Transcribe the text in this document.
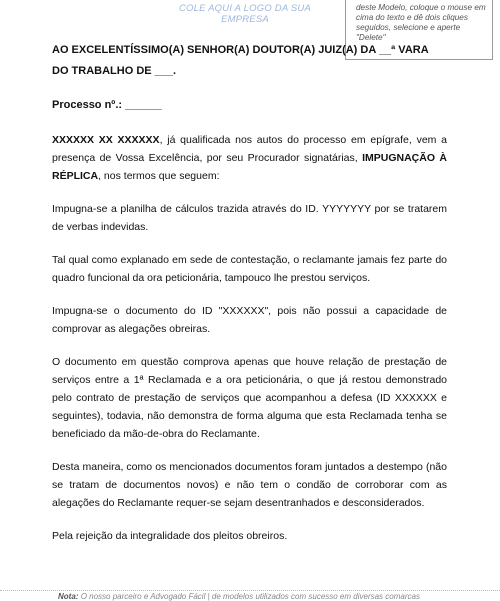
COLE AQUI A LOGO DA SUA EMPRESA
deste Modelo, coloque o mouse em cima do texto e dê dois cliques seguidos, selecione e aperte "Delete"

AO EXCELENTÍSSIMO(A) SENHOR(A) DOUTOR(A) JUIZ(A) DA __ª VARA DO TRABALHO DE ___.

Processo nº.: ______

XXXXXX XX XXXXXX, já qualificada nos autos do processo em epígrafe, vem a presença de Vossa Excelência, por seu Procurador signatárias, IMPUGNAÇÃO À RÉPLICA, nos termos que seguem:

Impugna-se a planilha de cálculos trazida através do ID. YYYYYYY por se tratarem de verbas indevidas.

Tal qual como explanado em sede de contestação, o reclamante jamais fez parte do quadro funcional da ora peticionária, tampouco lhe prestou serviços.

Impugna-se o documento do ID "XXXXXX", pois não possui a capacidade de comprovar as alegações obreiras.

O documento em questão comprova apenas que houve relação de prestação de serviços entre a 1ª Reclamada e a ora peticionária, o que já restou demonstrado pelo contrato de prestação de serviços que acompanhou a defesa (ID XXXXXX e seguintes), todavia, não demonstra de forma alguma que esta Reclamada tenha se beneficiado da mão-de-obra do Reclamante.

Desta maneira, como os mencionados documentos foram juntados a destempo (não se tratam de documentos novos) e não tem o condão de corroborar com as alegações do Reclamante requer-se sejam desentranhados e desconsiderados.

Pela rejeição da integralidade dos pleitos obreiros.

Nota: O nosso parceiro e Advogado Fácil | de modelos utilizados com sucesso em diversas comarcas
